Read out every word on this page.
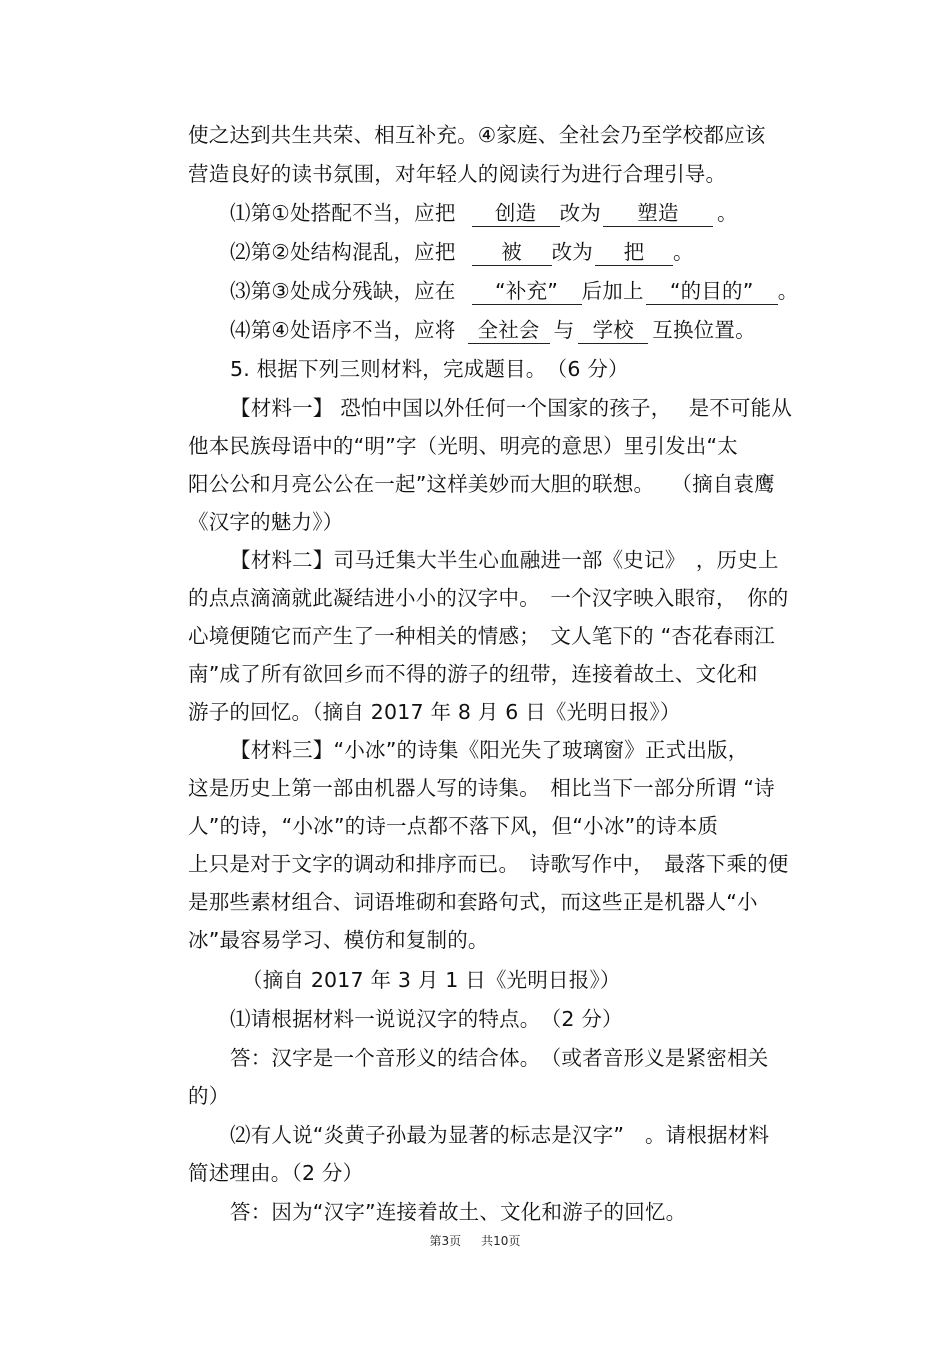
使之达到共生共荣、相互补充。④家庭、全社会乃至学校都应该
营造良好的读书氛围，对年轻人的阅读行为进行合理引导。
⑴第①处搭配不当，应把 创造 改为 塑造 。
⑵第②处结构混乱，应把 被 改为 把 。
⑶第③处成分残缺，应在 “补充” 后加上 “的目的” 。
⑷第④处语序不当，应将 全社会 与 学校 互换位置。
5. 根据下列三则材料，完成题目。　（6 分）
【材料一】 恐怕中国以外任何一个国家的孩子，　 是不可能从
他本民族母语中的“明”字（光明、明亮的意思）里引发出“太
阳公公和月亮公公在一起”这样美妙而大胆的联想。　 （摘自袁鹰
《汉字的魅力》）
【材料二】司马迁集大半生心血融进一部《史记》　，历史上
的点点滴滴就此凝结进小小的汉字中。　一个汉字映入眼帘，　你的
心境便随它而产生了一种相关的情感；　文人笔下的 “杏花春雨江
南”成了所有欲回乡而不得的游子的纽带，连接着故土、文化和
游子的回忆。（摘自 2017 年 8 月 6 日《光明日报》）
【材料三】“小冰”的诗集《阳光失了玻璃窗》正式出版，
这是历史上第一部由机器人写的诗集。　相比当下一部分所谓 “诗
人”的诗，“小冰”的诗一点都不落下风，但“小冰”的诗本质
上只是对于文字的调动和排序而已。　诗歌写作中，　最落下乘的便
是那些素材组合、词语堆砌和套路句式，而这些正是机器人“小
冰”最容易学习、模仿和复制的。
（摘自 2017 年 3 月 1 日《光明日报》）
⑴请根据材料一说说汉字的特点。　（2 分）
答：汉字是一个音形义的结合体。　（或者音形义是紧密相关
的）
⑵有人说“炎黄子孙最为显著的标志是汉字”　。请根据材料
简述理由。（2 分）
答：因为“汉字”连接着故土、文化和游子的回忆。
第3页 共10页
